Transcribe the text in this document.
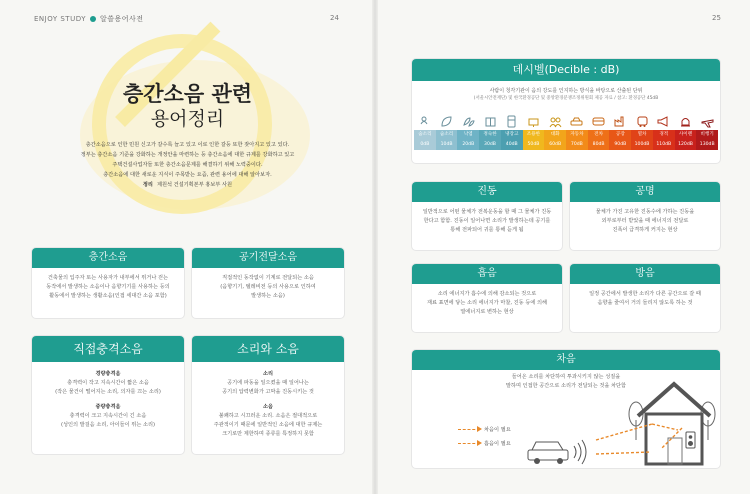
ENJOY STUDY 알쓸용어사전	24	25
층간소음 관련
용어정리
층간소음으로 인한 민원 신고가 갈수록 늘고 있고 이로 인한 갈등 또한 잦아지고 있고 있다.
정부는 층간소음 기준을 강화하는 개정안을 마련하는 등 층간소음에 대한 규제를 강화하고 있고
주택건설사업자들 또한 층간소음문제를 해결하기 위해 노력중이다.
층간소음에 대한 새로운 지식이 주목받는 요즘, 관련 용어에 대해 알아보자.
정리 제원석 건설기획본부 홍보부 사원
층간소음
건축물의 입주자 또는 사용자가 내부에서 뛰거나 걷는
동작에서 발생하는 소음이나 음향기기를 사용하는 등의
활동에서 발생하는 생활소음(인접 세대간 소음 포함)
공기전달소음
직접적인 동작없이 기계로 전달되는 소음
(음향기기, 텔레비전 등의 사용으로 인하여
발생하는 소음)
직접충격소음
경량충격음
충격력이 작고 지속시간이 짧은 소음
(작은 물건이 떨어지는 소리, 의자를 끄는 소리)
중량충격음
충격력이 크고 지속시간이 긴 소음
(성인의 발걸음 소리, 아이들이 뛰는 소리)
소리와 소음
소리
공기에 파동을 일으켰을 때 일어나는
공기의 압력변화가 고막을 진동시키는 것
소음
불쾌하고 시끄러운 소리. 소음은 절대적으로
주관적이기 때문에 일반적인 소음에 대한 규제는
크기로만 제한하며 종류를 특정하지 못함
데시벨(Decible : dB)
사람이 청각기관이 음의 강도를 인지하는 방식을 바탕으로 산출된 단위
(서울시안전재단) 및 한국환경공단 및 중앙환경분쟁조정위원회 제공 자료 / 참고: 환경공단 45dB
숨소리
0dB
숨소리
10dB
낙엽
20dB
정숙한
30dB
냉장고
40dB
조용한
50dB
대화
60dB
자동차
70dB
전차
80dB
공장
90dB
열차
100dB
경적
110dB
사이렌
120dB
비행기
130dB
진동
일반적으로 어떤 물체가 전복운동을 할 때 그 물체가 진동
한다고 함함. 진동이 일어나면 소리가 발생하는데 공기를
통해 전파되어 귀를 통해 듣게 됨
공명
물체가 가진 고유한 진동수에 가하는 진동을
외부로부터 받았을 때 에너지의 전달로
진폭이 급격하게 커지는 현상
흡음
소리 에너지가 흡수에 의해 감소되는 것으로
재료 표면에 닿는 소리 에너지가 마찰, 진동 등에 의해
열에너지로 변하는 현상
방음
일정 공간에서 발생한 소리가 다른 공간으로 갈 때
음향을 줄여서 거의 들리지 않도록 하는 것
차음
들어온 소리를 차단하여 투과시키지 않는 성질을
말하며 인접한 공간으로 소리가 전달되는 것을 차단함
차음이 필요
흡음이 필요
